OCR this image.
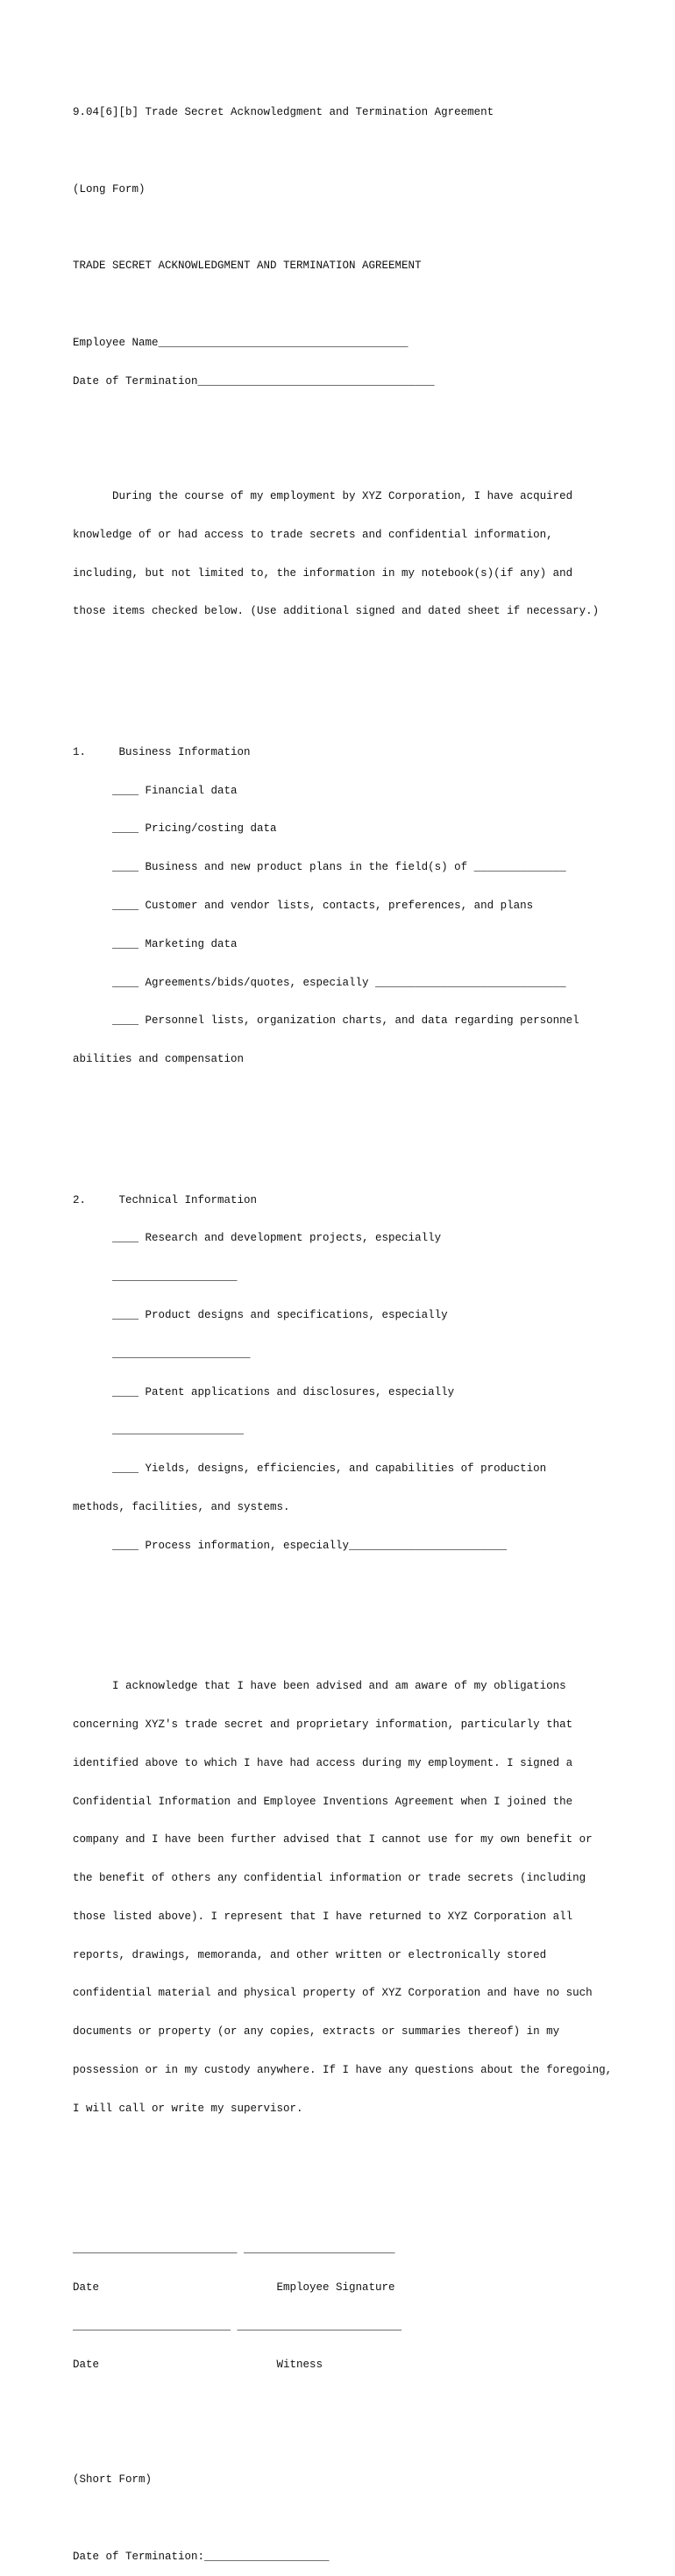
9.04[6][b] Trade Secret Acknowledgment and Termination Agreement

(Long Form)

TRADE SECRET ACKNOWLEDGMENT AND TERMINATION AGREEMENT

Employee Name______________________________________

Date of Termination____________________________________

During the course of my employment by XYZ Corporation, I have acquired

knowledge of or had access to trade secrets and confidential information,

including, but not limited to, the information in my notebook(s)(if any) and

those items checked below. (Use additional signed and dated sheet if necessary.)

1.     Business Information

____ Financial data

____ Pricing/costing data

____ Business and new product plans in the field(s) of ______________

____ Customer and vendor lists, contacts, preferences, and plans

____ Marketing data

____ Agreements/bids/quotes, especially _____________________________

____ Personnel lists, organization charts, and data regarding personnel

abilities and compensation

2.     Technical Information

____ Research and development projects, especially

___________________

____ Product designs and specifications, especially

_____________________

____ Patent applications and disclosures, especially

____________________

____ Yields, designs, efficiencies, and capabilities of production

methods, facilities, and systems.

____ Process information, especially________________________

I acknowledge that I have been advised and am aware of my obligations

concerning XYZ's trade secret and proprietary information, particularly that

identified above to which I have had access during my employment. I signed a

Confidential Information and Employee Inventions Agreement when I joined the

company and I have been further advised that I cannot use for my own benefit or

the benefit of others any confidential information or trade secrets (including

those listed above). I represent that I have returned to XYZ Corporation all

reports, drawings, memoranda, and other written or electronically stored

confidential material and physical property of XYZ Corporation and have no such

documents or property (or any copies, extracts or summaries thereof) in my

possession or in my custody anywhere. If I have any questions about the foregoing,

I will call or write my supervisor.

_________________________ _______________________

Date                           Employee Signature

________________________ _________________________

Date                           Witness

(Short Form)

Date of Termination:___________________
